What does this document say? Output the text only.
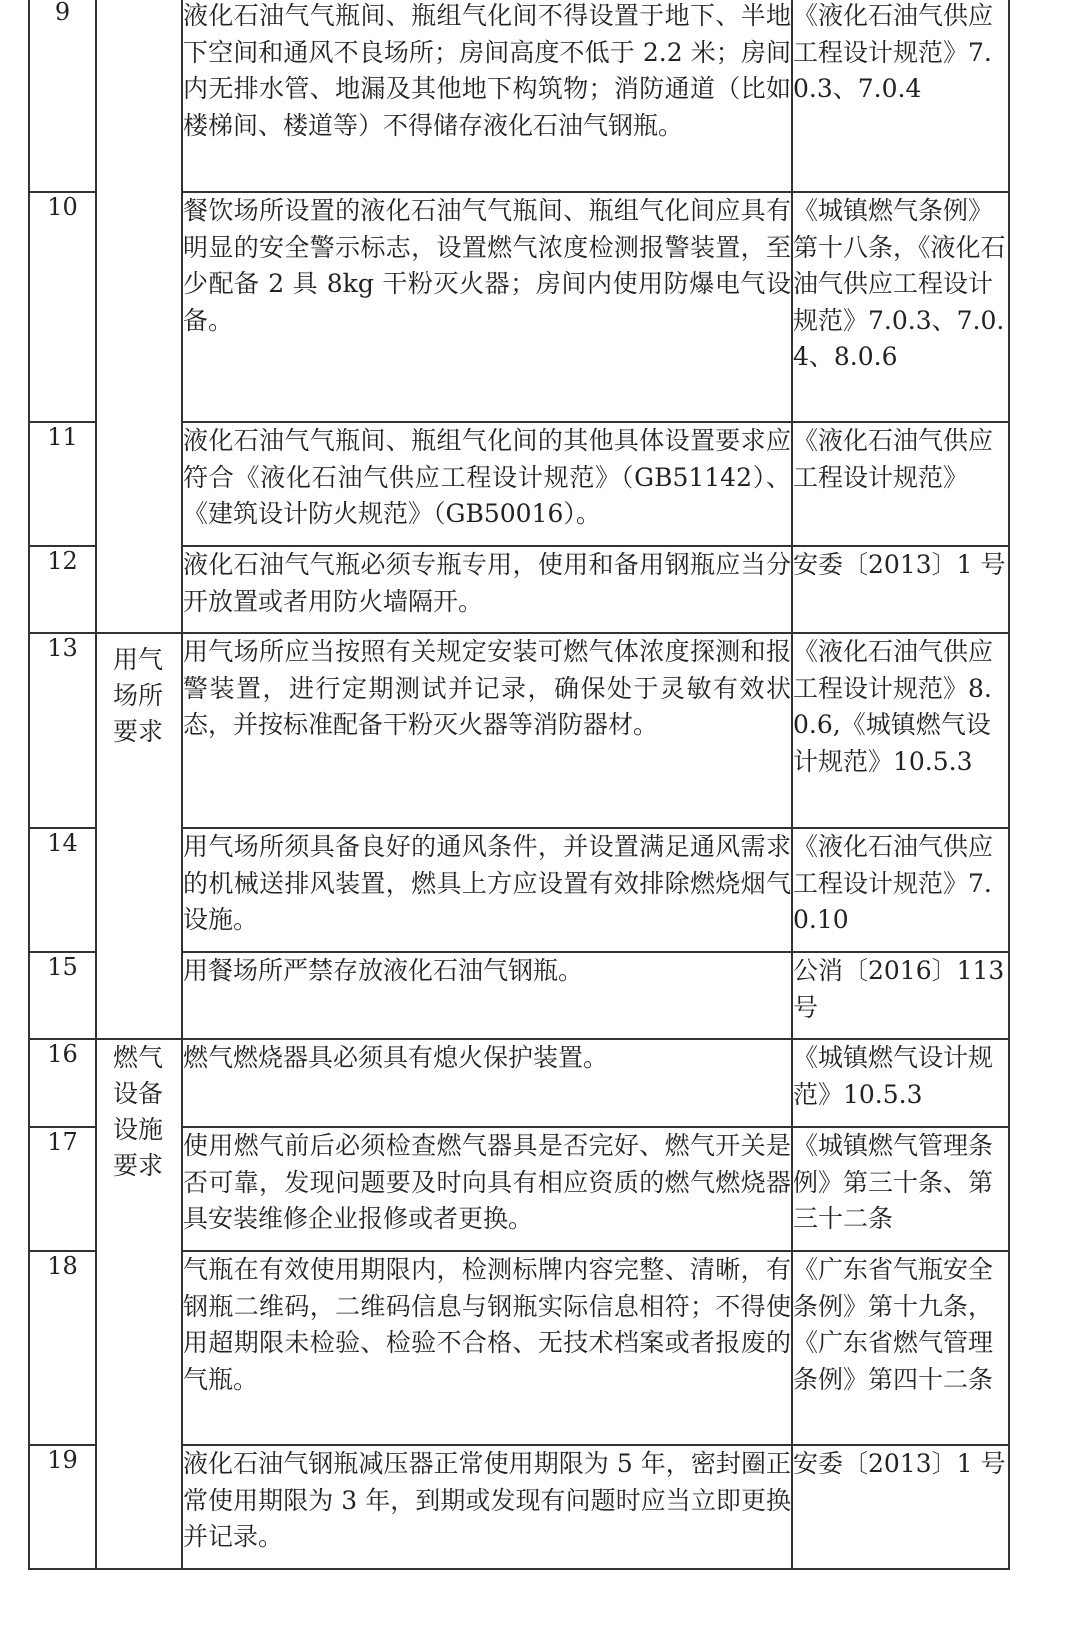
9		液化石油气气瓶间、瓶组气化间不得设置于地下、半地下空间和通风不良场所；房间高度不低于 2.2 米；房间内无排水管、地漏及其他地下构筑物；消防通道（比如楼梯间、楼道等）不得储存液化石油气钢瓶。	《液化石油气供应工程设计规范》7.0.3、7.0.4
10		餐饮场所设置的液化石油气气瓶间、瓶组气化间应具有明显的安全警示标志，设置燃气浓度检测报警装置，至少配备 2 具 8kg 干粉灭火器；房间内使用防爆电气设备。	《城镇燃气条例》第十八条，《液化石油气供应工程设计规范》7.0.3、7.0.4、8.0.6
11		液化石油气气瓶间、瓶组气化间的其他具体设置要求应符合《液化石油气供应工程设计规范》（GB51142）、《建筑设计防火规范》（GB50016）。	《液化石油气供应工程设计规范》
12		液化石油气气瓶必须专瓶专用，使用和备用钢瓶应当分开放置或者用防火墙隔开。	安委〔2013〕1 号
13	用气场所要求	用气场所应当按照有关规定安装可燃气体浓度探测和报警装置，进行定期测试并记录，确保处于灵敏有效状态，并按标准配备干粉灭火器等消防器材。	《液化石油气供应工程设计规范》8.0.6,《城镇燃气设计规范》10.5.3
14		用气场所须具备良好的通风条件，并设置满足通风需求的机械送排风装置，燃具上方应设置有效排除燃烧烟气设施。	《液化石油气供应工程设计规范》7.0.10
15		用餐场所严禁存放液化石油气钢瓶。	公消〔2016〕113 号
16	燃气设备设施要求	燃气燃烧器具必须具有熄火保护装置。	《城镇燃气设计规范》10.5.3
17		使用燃气前后必须检查燃气器具是否完好、燃气开关是否可靠，发现问题要及时向具有相应资质的燃气燃烧器具安装维修企业报修或者更换。	《城镇燃气管理条例》第三十条、第三十二条
18		气瓶在有效使用期限内，检测标牌内容完整、清晰，有钢瓶二维码，二维码信息与钢瓶实际信息相符；不得使用超期限未检验、检验不合格、无技术档案或者报废的气瓶。	《广东省气瓶安全条例》第十九条，《广东省燃气管理条例》第四十二条
19		液化石油气钢瓶减压器正常使用期限为 5 年，密封圈正常使用期限为 3 年，到期或发现有问题时应当立即更换并记录。	安委〔2013〕1 号
